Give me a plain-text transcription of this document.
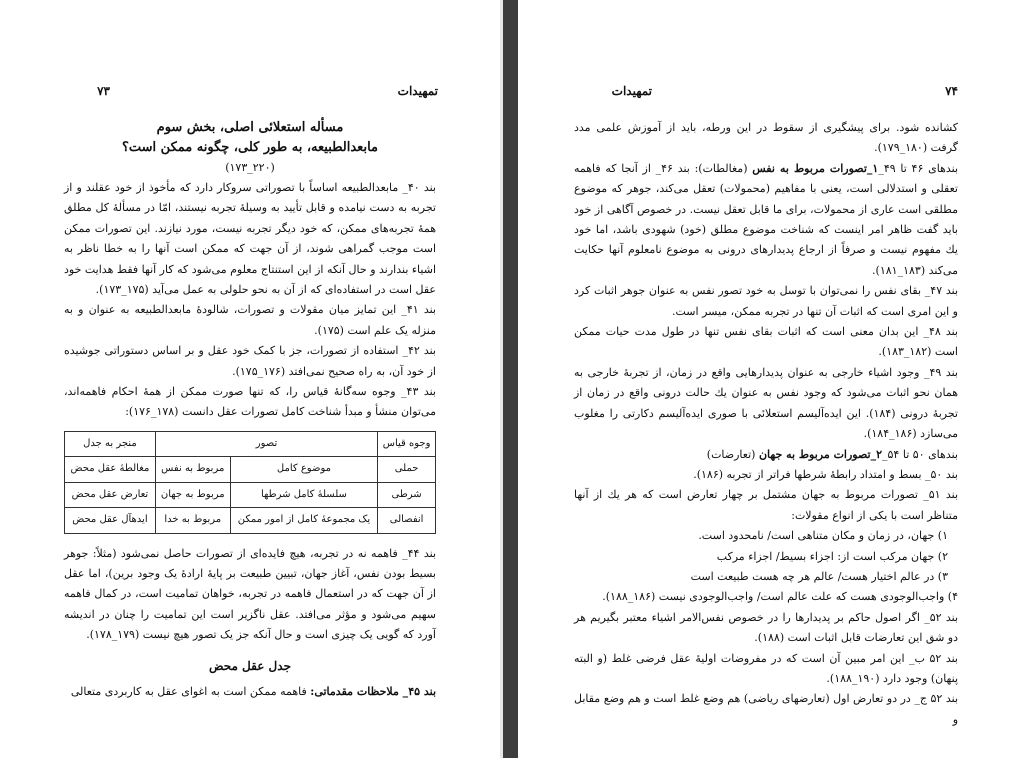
۷۳	تمهیدات
مسأله استعلائی اصلی، بخش سوم
مابعدالطبیعه، به طور کلی، چگونه ممکن است؟
(۲۲۰_۱۷۳)

بند ۴۰_ مابعدالطبیعه اساساً با تصوراتی سروکار دارد که مأخوذ از خود عقلند و از تجربه به دست نیامده و قابل تأیید به وسیلهٔ تجربه نیستند، امّا در مسألهٔ کل مطلق همهٔ تجربه‌های ممکن، که خود دیگر تجربه نیست، مورد نیازند. این تصورات ممکن است موجب گمراهی شوند، از آن جهت که ممکن است آنها را به خطا ناظر به اشیاء بندارند و حال آنکه از این استنتاج معلوم می‌شود که کار آنها فقط هدایت خود عقل است در استفاده‌ای که از آن به نحو حلولی به عمل می‌آید (۱۷۵_۱۷۳).

بند ۴۱_ این تمایز میان مقولات و تصورات، شالودهٔ مابعدالطبیعه به عنوان و به منزله یک علم است (۱۷۵).

بند ۴۲_ استفاده از تصورات، جز با کمک خود عقل و بر اساس دستوراتی جوشیده از خود آن، به راه صحیح نمی‌افتد (۱۷۶_۱۷۵).

بند ۴۳_ وجوه سه‌گانهٔ قیاس را، که تنها صورت ممکن از همهٔ احکام فاهمه‌اند، می‌توان منشأ و مبدأ شناخت کامل تصورات عقل دانست (۱۷۸_۱۷۶):

وجوه قیاس	تصور		منجر به جدل
حملی	موضوع کامل	مربوط به نفس	مغالطهٔ عقل محض
شرطی	سلسلهٔ کامل شرطها	مربوط به جهان	تعارض عقل محض
انفصالی	یک مجموعهٔ کامل از امور ممکن	مربوط به خدا	ایدهآل عقل محض

بند ۴۴_ فاهمه نه در تجربه، هیچ فایده‌ای از تصورات حاصل نمی‌شود (مثلاً: جوهر بسیط بودن نفس، آغاز جهان، تبیین طبیعت بر پایهٔ ارادهٔ یک وجود برین)، اما عقل از آن جهت که در استعمال فاهمه در تجربه، خواهان تمامیت است، در کمال فاهمه سهیم می‌شود و مؤثر می‌افتد. عقل ناگزیر است این تمامیت را چنان در اندیشه آورد که گویی یک چیزی است و حال آنکه جز یک تصور هیچ نیست (۱۷۹_۱۷۸).

جدل عقل محض

بند ۴۵_ ملاحظات مقدماتی: فاهمه ممکن است به اغوای عقل به کاربردی متعالی

۷۴
تمهیدات

کشانده شود. برای پیشگیری از سقوط در این ورطه، باید از آموزش علمی مدد گرفت (۱۸۰_۱۷۹).

بندهای ۴۶ تا ۴۹_۱_تصورات مربوط به نفس (مغالطات): بند ۴۶_ از آنجا که فاهمه تعقلی و استدلالی است، یعنی با مفاهیم (محمولات) تعقل می‌کند، جوهر که موضوع مطلقی است عاری از محمولات، برای ما قابل تعقل نیست. در خصوص آگاهی از خود باید گفت ظاهر امر اینست که شناخت موضوع مطلق (خود) شهودی باشد، اما خود یك مفهوم نیست و صرفاً از ارجاع پدیدارهای درونی به موضوع نامعلوم آنها حکایت می‌کند (۱۸۳_۱۸۱).

بند ۴۷_ بقای نفس را نمی‌توان با توسل به خود تصور نفس به عنوان جوهر اثبات کرد و این امری است که اثبات آن تنها در تجربه ممکن، میسر است.

بند ۴۸_ این بدان معنی است که اثبات بقای نفس تنها در طول مدت حیات ممکن است (۱۸۲_۱۸۳).

بند ۴۹_ وجود اشیاء خارجی به عنوان پدیدارهایی واقع در زمان، از تجربهٔ خارجی به همان نحو اثبات می‌شود که وجود نفس به عنوان یك حالت درونی واقع در زمان از تجربهٔ درونی (۱۸۴). این ایده‌آلیسم استعلائی با صوری ایده‌آلیسم دکارتی را مغلوب می‌سازد (۱۸۶_۱۸۴).

بندهای ۵۰ تا ۵۴_۲_تصورات مربوط به جهان (تعارضات)

بند ۵۰_ بسط و امتداد رابطهٔ شرطها فراتر از تجربه (۱۸۶).

بند ۵۱_ تصورات مربوط به جهان مشتمل بر چهار تعارض است که هر یك از آنها متناظر است با یکی از انواع مقولات:

۱) جهان، در زمان و مکان متناهی است/ نامحدود است.

۲) جهان مرکب است از: اجزاء بسیط/ اجزاء مرکب

۳) در عالم اختیار هست/ عالم هر چه هست طبیعت است

۴) واجب‌الوجودی هست که علت عالم است/ واجب‌الوجودی نیست (۱۸۶_۱۸۸).

بند ۵۲_ اگر اصول حاکم بر پدیدارها را در خصوص نفس‌الامر اشیاء معتبر بگیریم هر دو شق این تعارضات قابل اثبات است (۱۸۸).

بند ۵۲ ب_ این امر مبین آن است که در مفروضات اولیهٔ عقل فرضی غلط (و البته پنهان) وجود دارد (۱۹۰_۱۸۸).

بند ۵۲ ج_ در دو تعارض اول (تعارضهای ریاضی) هم وضع غلط است و هم وضع مقابل و
